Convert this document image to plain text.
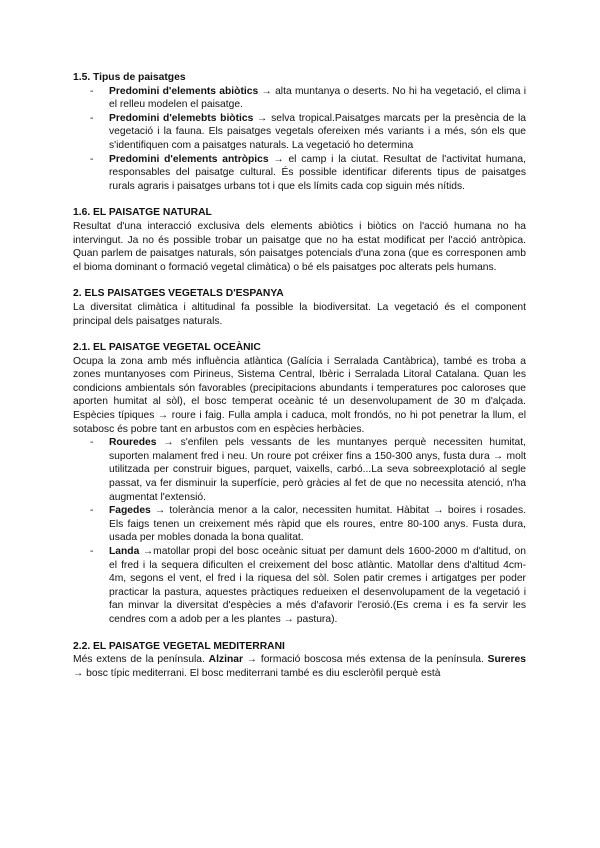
1.5. Tipus de paisatges
- Predomini d'elements abiòtics → alta muntanya o deserts. No hi ha vegetació, el clima i el relleu modelen el paisatge.
- Predomini d'elemebts biòtics → selva tropical.Paisatges marcats per la presència de la vegetació i la fauna. Els paisatges vegetals ofereixen més variants i a més, són els que s'identifiquen com a paisatges naturals. La vegetació ho determina
- Predomini d'elements antròpics → el camp i la ciutat. Resultat de l'activitat humana, responsables del paisatge cultural. És possible identificar diferents tipus de paisatges rurals agraris i paisatges urbans tot i que els límits cada cop siguin més nítids.
1.6. EL PAISATGE NATURAL

Resultat d'una interacció exclusiva dels elements abiòtics i biòtics on l'acció humana no ha intervingut. Ja no és possible trobar un paisatge que no ha estat modificat per l'acció antròpica. Quan parlem de paisatges naturals, són paisatges potencials d'una zona (que es corresponen amb el bioma dominant o formació vegetal climàtica) o bé els paisatges poc alterats pels humans.

2. ELS PAISATGES VEGETALS D'ESPANYA

La diversitat climàtica i altitudinal fa possible la biodiversitat. La vegetació és el component principal dels paisatges naturals.

2.1. EL PAISATGE VEGETAL OCEÀNIC

Ocupa la zona amb més influència atlàntica (Galícia i Serralada Cantàbrica), també es troba a zones muntanyoses com Pirineus, Sistema Central, Ibèric i Serralada Litoral Catalana. Quan les condicions ambientals són favorables (precipitacions abundants i temperatures poc caloroses que aporten humitat al sòl), el bosc temperat oceànic té un desenvolupament de 30 m d'alçada. Espècies típiques → roure i faig. Fulla ampla i caduca, molt frondós, no hi pot penetrar la llum, el sotabosc és pobre tant en arbustos com en espècies herbàcies.

- Rouredes → s'enfilen pels vessants de les muntanyes perquè necessiten humitat, suporten malament fred i neu. Un roure pot créixer fins a 150-300 anys, fusta dura → molt utilitzada per construir bigues, parquet, vaixells, carbó...La seva sobreexplotació al segle passat, va fer disminuir la superfície, però gràcies al fet de que no necessita atenció, n'ha augmentat l'extensió.
- Fagedes → tolerància menor a la calor, necessiten humitat. Hàbitat → boires i rosades. Els faigs tenen un creixement més ràpid que els roures, entre 80-100 anys. Fusta dura, usada per mobles donada la bona qualitat.
- Landa →matollar propi del bosc oceànic situat per damunt dels 1600-2000 m d'altitud, on el fred i la sequera dificulten el creixement del bosc atlàntic. Matollar dens d'altitud 4cm-4m, segons el vent, el fred i la riquesa del sòl. Solen patir cremes i artigatges per poder practicar la pastura, aquestes pràctiques redueixen el desenvolupament de la vegetació i fan minvar la diversitat d'espècies a més d'afavorir l'erosió.(Es crema i es fa servir les cendres com a adob per a les plantes → pastura).
2.2. EL PAISATGE VEGETAL MEDITERRANI

Més extens de la península. Alzinar → formació boscosa més extensa de la península. Sureres → bosc típic mediterrani. El bosc mediterrani també es diu escleròfil perquè està
